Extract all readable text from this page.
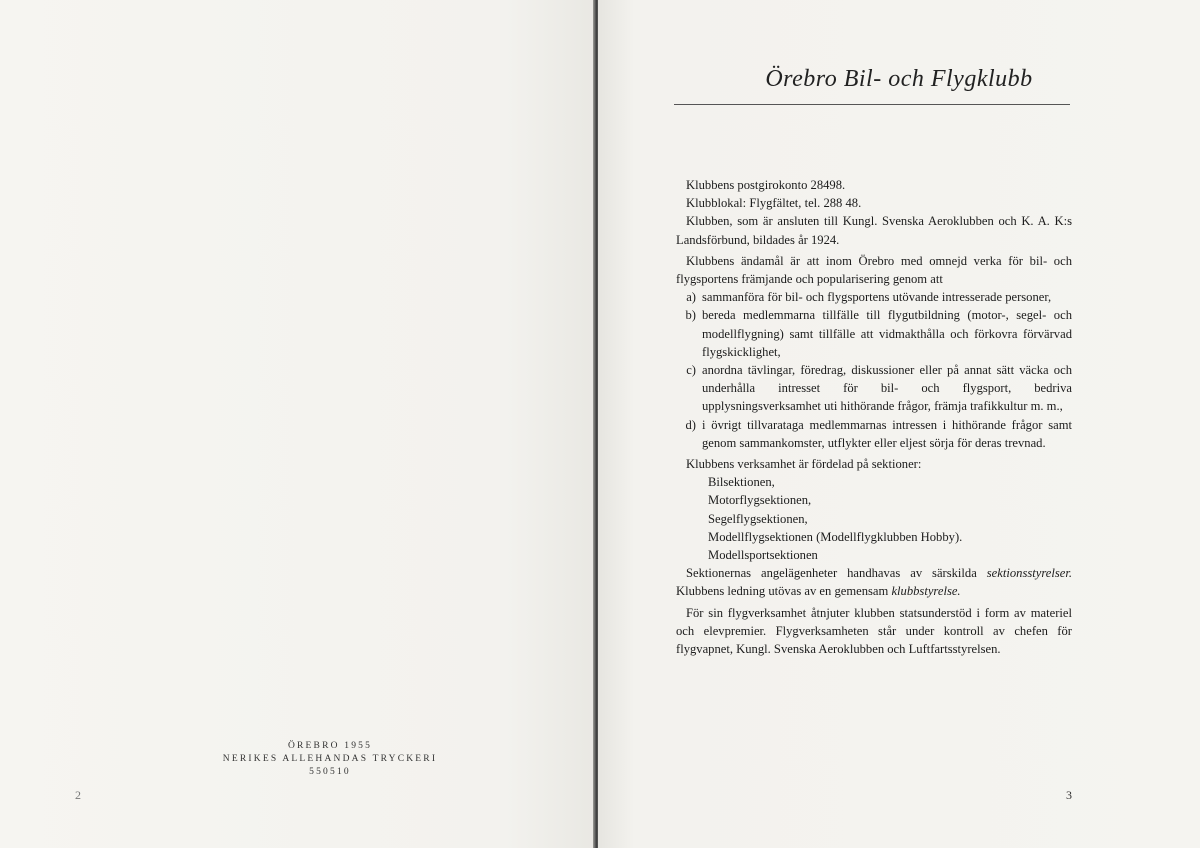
ÖREBRO 1955
NERIKES ALLEHANDAS TRYCKERI
550510
2
Örebro Bil- och Flygklubb

Klubbens postgirokonto 28498.

Klubblokal: Flygfältet, tel. 288 48.

Klubben, som är ansluten till Kungl. Svenska Aeroklubben och K. A. K:s Landsförbund, bildades år 1924.

Klubbens ändamål är att inom Örebro med omnejd verka för bil- och flygsportens främjande och popularisering genom att

a) sammanföra för bil- och flygsportens utövande intresserade personer,
b) bereda medlemmarna tillfälle till flygutbildning (motor-, segel- och modellflygning) samt tillfälle att vidmakthålla och förkovra förvärvad flygskicklighet,
c) anordna tävlingar, föredrag, diskussioner eller på annat sätt väcka och underhålla intresset för bil- och flygsport, bedriva upplysningsverksamhet uti hithörande frågor, främja trafikkultur m. m.,
d) i övrigt tillvarataga medlemmarnas intressen i hithörande frågor samt genom sammankomster, utflykter eller eljest sörja för deras trevnad.

Klubbens verksamhet är fördelad på sektioner:

Bilsektionen,
Motorflygsektionen,
Segelflygsektionen,
Modellflygsektionen (Modellflygklubben Hobby).
Modellsportsektionen

Sektionernas angelägenheter handhavas av särskilda sektionsstyrelser. Klubbens ledning utövas av en gemensam klubbstyrelse.

För sin flygverksamhet åtnjuter klubben statsunderstöd i form av materiel och elevpremier. Flygverksamheten står under kontroll av chefen för flygvapnet, Kungl. Svenska Aeroklubben och Luftfartsstyrelsen.

3
